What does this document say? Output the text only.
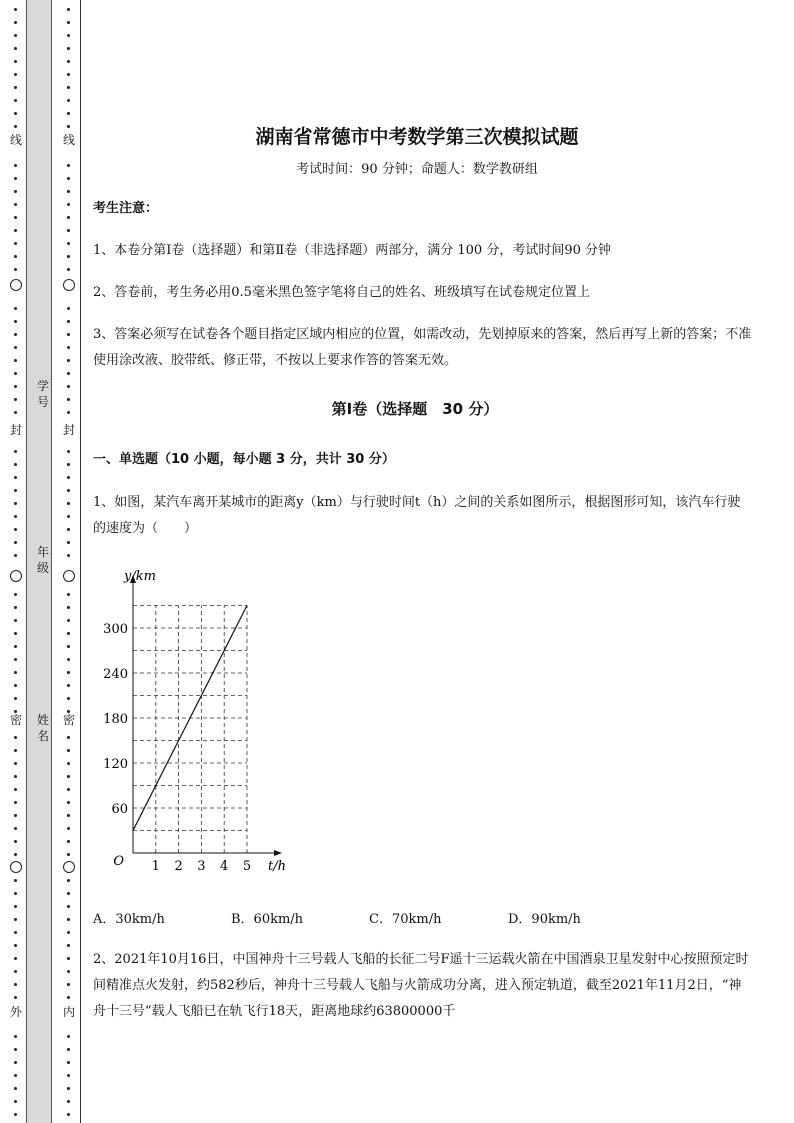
线
封
密
外
线
封
密
内
学号
年级
姓名
湖南省常德市中考数学第三次模拟试题
考试时间：90 分钟；命题人：数学教研组
考生注意：
1、本卷分第Ⅰ卷（选择题）和第Ⅱ卷（非选择题）两部分，满分 100 分，考试时间90 分钟
2、答卷前，考生务必用0.5毫米黑色签字笔将自己的姓名、班级填写在试卷规定位置上
3、答案必须写在试卷各个题目指定区域内相应的位置，如需改动，先划掉原来的答案，然后再写上新的答案；不准使用涂改液、胶带纸、修正带，不按以上要求作答的答案无效。
第Ⅰ卷（选择题　30 分）
一、单选题（10 小题，每小题 3 分，共计 30 分）
1、如图，某汽车离开某城市的距离y（km）与行驶时间t（h）之间的关系如图所示，根据图形可知，该汽车行驶的速度为（　　）
1 2 3 4 5
60
120
180
240
300
O	t/h
y/km
A．30km/h	B．60km/h	C．70km/h	D．90km/h
2、2021年10月16日，中国神舟十三号载人飞船的长征二号F遥十三运载火箭在中国酒泉卫星发射中心按照预定时间精准点火发射，约582秒后，神舟十三号载人飞船与火箭成功分离，进入预定轨道，截至2021年11月2日，“神舟十三号”载人飞船已在轨飞行18天，距离地球约63800000千
